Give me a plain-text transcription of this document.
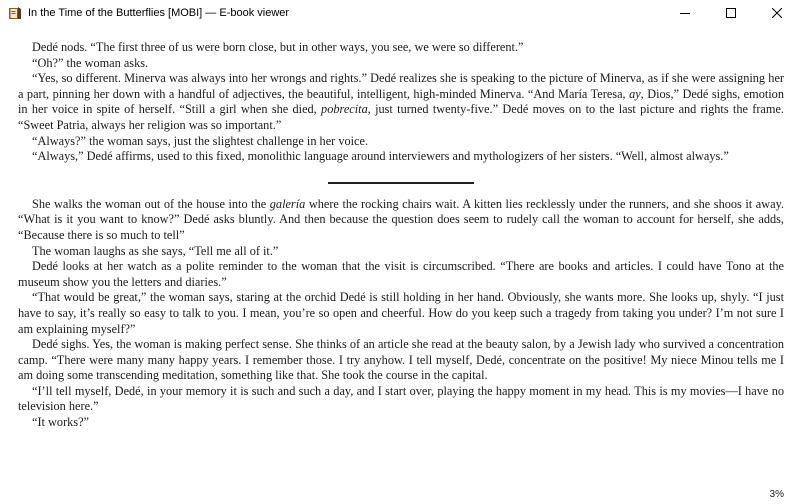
In the Time of the Butterflies [MOBI] — E-book viewer

Dedé nods. “The first three of us were born close, but in other ways, you see, we were so different.”

“Oh?” the woman asks.

“Yes, so different. Minerva was always into her wrongs and rights.” Dedé realizes she is speaking to the picture of Minerva, as if she were assigning her a part, pinning her down with a handful of adjectives, the beautiful, intelligent, high-minded Minerva. “And María Teresa, ay, Dios,” Dedé sighs, emotion in her voice in spite of herself. “Still a girl when she died, pobrecita, just turned twenty-five.” Dedé moves on to the last picture and rights the frame. “Sweet Patria, always her religion was so important.”

“Always?” the woman says, just the slightest challenge in her voice.

“Always,” Dedé affirms, used to this fixed, monolithic language around interviewers and mythologizers of her sisters. “Well, almost always.”

She walks the woman out of the house into the galería where the rocking chairs wait. A kitten lies recklessly under the runners, and she shoos it away. “What is it you want to know?” Dedé asks bluntly. And then because the question does seem to rudely call the woman to account for herself, she adds, “Because there is so much to tell”

The woman laughs as she says, “Tell me all of it.”

Dedé looks at her watch as a polite reminder to the woman that the visit is circumscribed. “There are books and articles. I could have Tono at the museum show you the letters and diaries.”

“That would be great,” the woman says, staring at the orchid Dedé is still holding in her hand. Obviously, she wants more. She looks up, shyly. “I just have to say, it’s really so easy to talk to you. I mean, you’re so open and cheerful. How do you keep such a tragedy from taking you under? I’m not sure I am explaining myself?”

Dedé sighs. Yes, the woman is making perfect sense. She thinks of an article she read at the beauty salon, by a Jewish lady who survived a concentration camp. “There were many many happy years. I remember those. I try anyhow. I tell myself, Dedé, concentrate on the positive! My niece Minou tells me I am doing some transcending meditation, something like that. She took the course in the capital.

“I’ll tell myself, Dedé, in your memory it is such and such a day, and I start over, playing the happy moment in my head. This is my movies—I have no television here.”

“It works?”

3%
